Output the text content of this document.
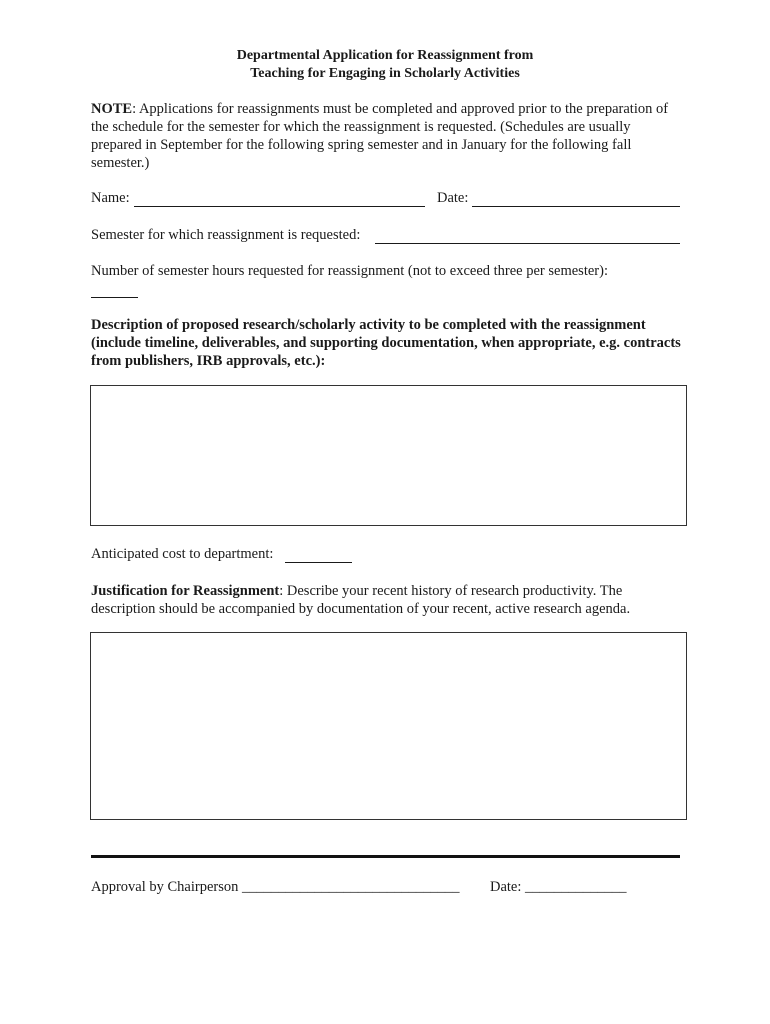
Departmental Application for Reassignment from
Teaching for Engaging in Scholarly Activities
NOTE: Applications for reassignments must be completed and approved prior to the preparation of the schedule for the semester for which the reassignment is requested. (Schedules are usually prepared in September for the following spring semester and in January for the following fall semester.)
Name:	Date:
Semester for which reassignment is requested:
Number of semester hours requested for reassignment (not to exceed three per semester):
Description of proposed research/scholarly activity to be completed with the reassignment (include timeline, deliverables, and supporting documentation, when appropriate, e.g. contracts from publishers, IRB approvals, etc.):
Anticipated cost to department:
Justification for Reassignment: Describe your recent history of research productivity. The description should be accompanied by documentation of your recent, active research agenda.
Approval by Chairperson ______________________________ Date: ______________
